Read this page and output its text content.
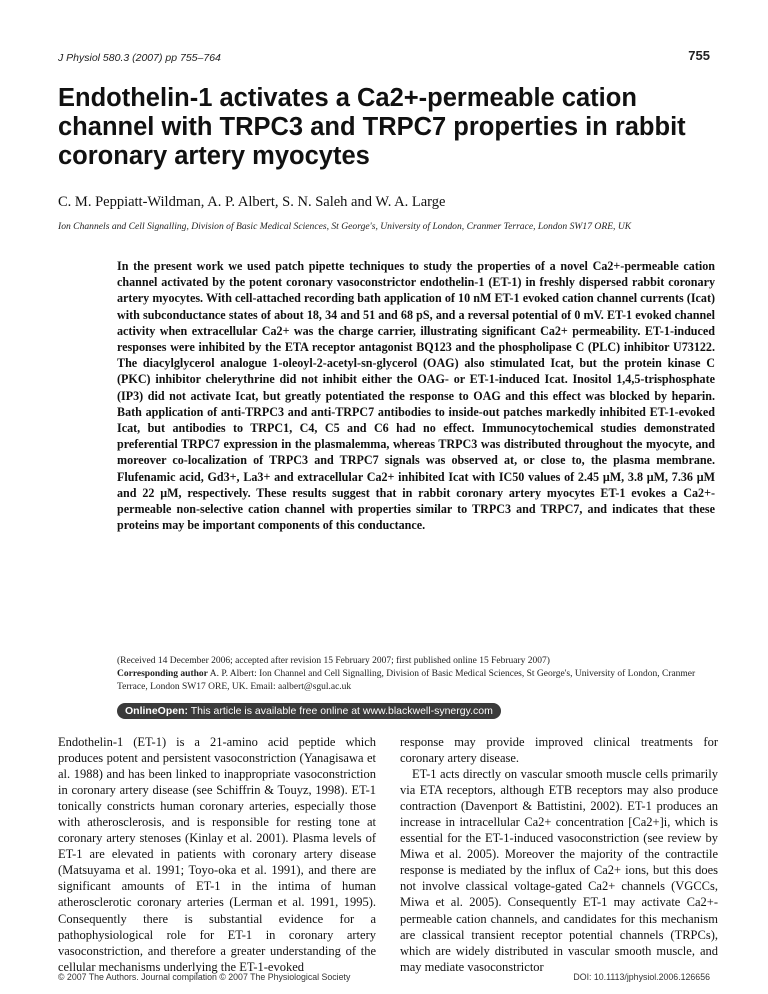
J Physiol 580.3 (2007) pp 755–764	755
Endothelin-1 activates a Ca2+-permeable cation channel with TRPC3 and TRPC7 properties in rabbit coronary artery myocytes
C. M. Peppiatt-Wildman, A. P. Albert, S. N. Saleh and W. A. Large
Ion Channels and Cell Signalling, Division of Basic Medical Sciences, St George's, University of London, Cranmer Terrace, London SW17 ORE, UK
In the present work we used patch pipette techniques to study the properties of a novel Ca2+-permeable cation channel activated by the potent coronary vasoconstrictor endothelin-1 (ET-1) in freshly dispersed rabbit coronary artery myocytes. With cell-attached recording bath application of 10 nM ET-1 evoked cation channel currents (Icat) with subconductance states of about 18, 34 and 51 and 68 pS, and a reversal potential of 0 mV. ET-1 evoked channel activity when extracellular Ca2+ was the charge carrier, illustrating significant Ca2+ permeability. ET-1-induced responses were inhibited by the ETA receptor antagonist BQ123 and the phospholipase C (PLC) inhibitor U73122. The diacylglycerol analogue 1-oleoyl-2-acetyl-sn-glycerol (OAG) also stimulated Icat, but the protein kinase C (PKC) inhibitor chelerythrine did not inhibit either the OAG- or ET-1-induced Icat. Inositol 1,4,5-trisphosphate (IP3) did not activate Icat, but greatly potentiated the response to OAG and this effect was blocked by heparin. Bath application of anti-TRPC3 and anti-TRPC7 antibodies to inside-out patches markedly inhibited ET-1-evoked Icat, but antibodies to TRPC1, C4, C5 and C6 had no effect. Immunocytochemical studies demonstrated preferential TRPC7 expression in the plasmalemma, whereas TRPC3 was distributed throughout the myocyte, and moreover co-localization of TRPC3 and TRPC7 signals was observed at, or close to, the plasma membrane. Flufenamic acid, Gd3+, La3+ and extracellular Ca2+ inhibited Icat with IC50 values of 2.45 μM, 3.8 μM, 7.36 μM and 22 μM, respectively. These results suggest that in rabbit coronary artery myocytes ET-1 evokes a Ca2+-permeable non-selective cation channel with properties similar to TRPC3 and TRPC7, and indicates that these proteins may be important components of this conductance.
(Received 14 December 2006; accepted after revision 15 February 2007; first published online 15 February 2007)
Corresponding author A. P. Albert: Ion Channel and Cell Signalling, Division of Basic Medical Sciences, St George's, University of London, Cranmer Terrace, London SW17 ORE, UK. Email: aalbert@sgul.ac.uk
OnlineOpen: This article is available free online at www.blackwell-synergy.com

Endothelin-1 (ET-1) is a 21-amino acid peptide which produces potent and persistent vasoconstriction (Yanagisawa et al. 1988) and has been linked to inappropriate vasoconstriction in coronary artery disease (see Schiffrin & Touyz, 1998). ET-1 tonically constricts human coronary arteries, especially those with atherosclerosis, and is responsible for resting tone at coronary artery stenoses (Kinlay et al. 2001). Plasma levels of ET-1 are elevated in patients with coronary artery disease (Matsuyama et al. 1991; Toyo-oka et al. 1991), and there are significant amounts of ET-1 in the intima of human atherosclerotic coronary arteries (Lerman et al. 1991, 1995). Consequently there is substantial evidence for a pathophysiological role for ET-1 in coronary artery vasoconstriction, and therefore a greater understanding of the cellular mechanisms underlying the ET-1-evoked

response may provide improved clinical treatments for coronary artery disease.

ET-1 acts directly on vascular smooth muscle cells primarily via ETA receptors, although ETB receptors may also produce contraction (Davenport & Battistini, 2002). ET-1 produces an increase in intracellular Ca2+ concentration [Ca2+]i, which is essential for the ET-1-induced vasoconstriction (see review by Miwa et al. 2005). Moreover the majority of the contractile response is mediated by the influx of Ca2+ ions, but this does not involve classical voltage-gated Ca2+ channels (VGCCs, Miwa et al. 2005). Consequently ET-1 may activate Ca2+-permeable cation channels, and candidates for this mechanism are classical transient receptor potential channels (TRPCs), which are widely distributed in vascular smooth muscle, and may mediate vasoconstrictor

© 2007 The Authors. Journal compilation © 2007 The Physiological Society	DOI: 10.1113/jphysiol.2006.126656
